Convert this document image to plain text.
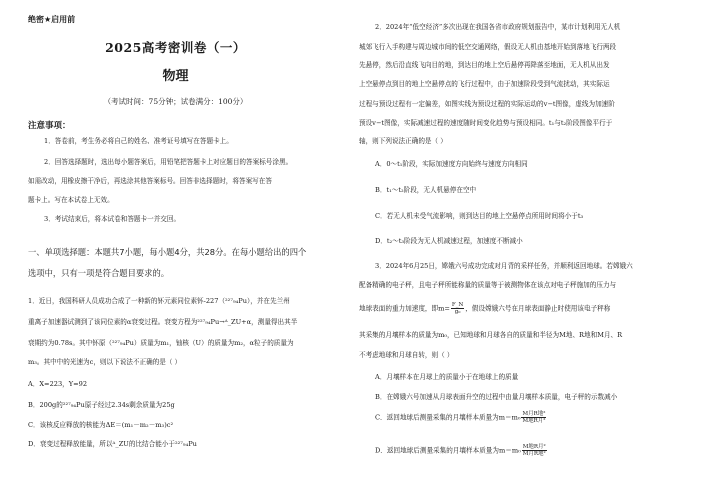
绝密★启用前
2025高考密训卷（一）
物理
（考试时间：75分钟；试卷满分：100分）
注意事项：
1．答卷前，考生务必将自己的姓名、准考证号填写在答题卡上。
2．回答选择题时，选出每小题答案后，用铅笔把答题卡上对应题目的答案标号涂黑。
如需改动，用橡皮擦干净后，再选涂其他答案标号。回答非选择题时，将答案写在答
题卡上。写在本试卷上无效。
3．考试结束后，将本试卷和答题卡一并交回。
一、单项选择题：本题共7小题，每小题4分，共28分。在每小题给出的四个
选项中，只有一项是符合题目要求的。
1．近日，我国科研人员成功合成了一种新的钚元素同位素钚-227（²²⁷₉₄Pu），并在先兰州
重离子加速器试测到了该同位素的α衰变过程。衰变方程为²²⁷₉₄Pu→ᴬ_ZU+α，测量得出其半
衰期约为0.78s。其中钚原（²²⁷₉₄Pu）质量为m₁，铀核（U）的质量为m₂，α粒子的质量为
m₃。其中中的光速为c，则以下说法不正确的是（ ）
A．X=223，Y=92
B．200g的²²⁷₉₄Pu原子经过2.34s剩余质量为25g
C．该核反应释放的核能为ΔE＝(m₁－m₂－m₃)c²
D．衰变过程释放能量，所以ᴬ_ZU的比结合能小于²²⁷₉₄Pu
2．2024年“低空经济”多次出现在我国各省市政府规划报告中，某市计划利用无人机
城郊飞行入手构建与周边城市间的低空交通网络，假设无人机由基地开始到落地飞行两段
先悬停，然后沿直线飞向目的地，到达目的地上空后悬停再降落至地面，无人机从出发
上空悬停点到目的地上空悬停点的飞行过程中，由于加速阶段受到气流扰动，其实际运
过程与预设过程有一定偏差，如图实线为预设过程的实际运动的v−t图像，虚线为加速阶
预设v−t图像，实际减速过程的速度随时间变化趋势与预设相同。t₁与t₂阶段图像平行于
轴，则下列说法正确的是（ ）
A．0～t₁阶段，实际加速度方向始终与速度方向相同
B．t₁～t₂阶段，无人机悬停在空中
C．若无人机未受气流影响，则到达目的地上空悬停点所用时间将小于t₃
D．t₂～t₃阶段为无人机减速过程，加速度不断减小
3．2024年6月25日，嫦娥六号成功完成对月背的采样任务，并顺利返回地球。若嫦娥六
配备精确的电子秤，且电子秤所能称量的质量等于被测物体在该点对电子秤施加的压力与
地球表面的重力加速度，即$m= \frac{F\_N}{\text{g₀}}$ ，假设嫦娥六号在月球表面静止时使用该电子秤称
其采集的月壤样本的质量为m₀，已知地球和月球各自的质量和半径为M地、R地和M月、R
不考虑地球和月球自转，则（ ）
A．月壤样本在月球上的质量小于在地球上的质量
B．在嫦娥六号加速从月球表面升空的过程中由量月壤样本质量，电子秤的示数减小
C．返回地球后测量采集的月壤样本质量为$m=m_0 \frac{\text{M月R地²}}{\text{M地R月²}}$
D．返回地球后测量采集的月壤样本质量为$m=m_0 \frac{\text{M地R月²}}{\text{M月R地²}}$
